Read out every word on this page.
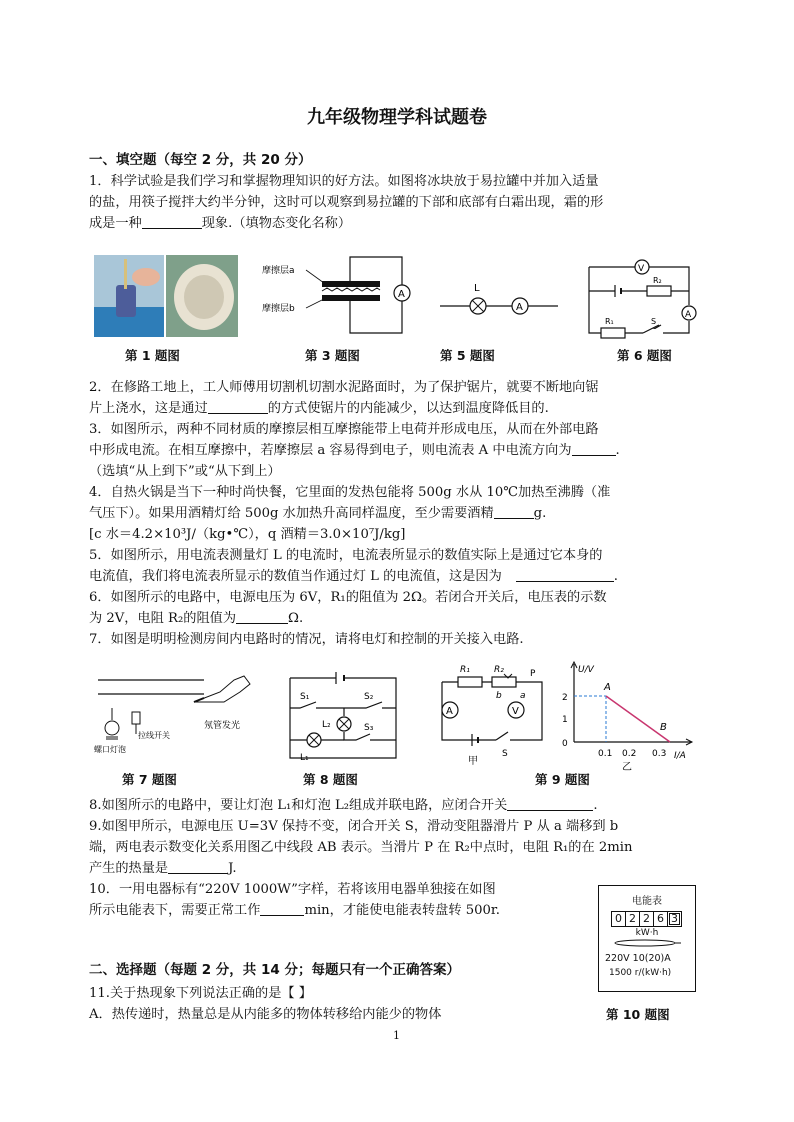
九年级物理学科试题卷
一、填空题（每空 2 分，共 20 分）
1．科学试验是我们学习和掌握物理知识的好方法。如图将冰块放于易拉罐中并加入适量
的盐，用筷子搅拌大约半分钟，这时可以观察到易拉罐的下部和底部有白霜出现，霜的形
成是一种	现象.（填物态变化名称）
摩擦层a
摩擦层b
A
L
A
V
R₂
A
R₁	S
第 1 题图	第 3 题图	第 5 题图	第 6 题图
2．在修路工地上，工人师傅用切割机切割水泥路面时，为了保护锯片，就要不断地向锯
片上浇水，这是通过	的方式使锯片的内能减少，以达到温度降低目的.
3．如图所示，两种不同材质的摩擦层相互摩擦能带上电荷并形成电压，从而在外部电路
中形成电流。在相互摩擦中，若摩擦层 a 容易得到电子，则电流表 A 中电流方向为	.
（选填“从上到下”或“从下到上）
4．自热火锅是当下一种时尚快餐，它里面的发热包能将 500g 水从 10℃加热至沸腾（准
气压下）。如果用酒精灯给 500g 水加热升高同样温度，至少需要酒精	g.
[c 水＝4.2×10³J/（kg•℃），q 酒精＝3.0×10⁷J/kg]
5．如图所示，用电流表测量灯 L 的电流时，电流表所显示的数值实际上是通过它本身的
电流值，我们将电流表所显示的数值当作通过灯 L 的电流值，这是因为	.
6．如图所示的电路中，电源电压为 6V，R₁的阻值为 2Ω。若闭合开关后，电压表的示数
为 2V，电阻 R₂的阻值为	Ω.
7．如图是明明检测房间内电路时的情况，请将电灯和控制的开关接入电路.
氖管发光
螺口灯泡
拉线开关
S₁	S₂
L₂	S₃
L₁
R₁	R₂	P
b a
A	V
S
甲
U/V
I/A
A
B
2
1
0
0.1 0.2 0.3
乙
第 7 题图	第 8 题图	第 9 题图
8.如图所示的电路中，要让灯泡 L₁和灯泡 L₂组成并联电路，应闭合开关	.
9.如图甲所示，电源电压 U=3V 保持不变，闭合开关 S，滑动变阻器滑片 P 从 a 端移到 b
端，两电表示数变化关系用图乙中线段 AB 表示。当滑片 P 在 R₂中点时，电阻 R₁的在 2min
产生的热量是	J.
10．一用电器标有“220V 1000W”字样，若将该用电器单独接在如图
所示电能表下，需要正常工作	min，才能使电能表转盘转 500r.
电能表
0 2 2 6 3
kW·h
220V 10(20)A
1500 r/(kW·h)
第 10 题图
二、选择题（每题 2 分，共 14 分；每题只有一个正确答案）
11.关于热现象下列说法正确的是【 】
A．热传递时，热量总是从内能多的物体转移给内能少的物体
1
